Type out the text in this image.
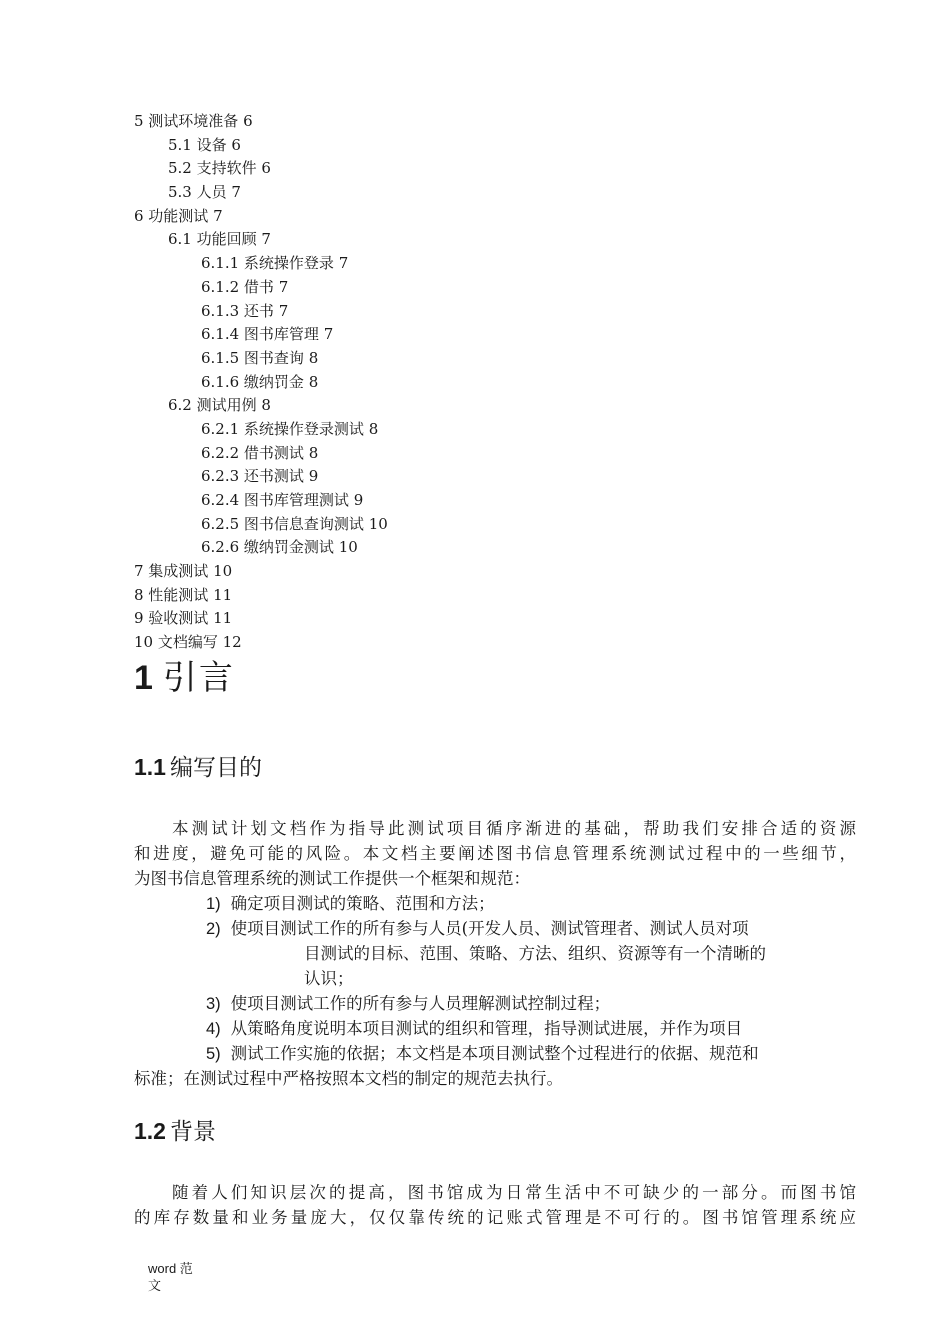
5 测试环境准备 6
5.1 设备 6
5.2 支持软件 6
5.3 人员 7
6 功能测试 7
6.1 功能回顾 7
6.1.1 系统操作登录 7
6.1.2 借书 7
6.1.3 还书 7
6.1.4 图书库管理 7
6.1.5 图书查询 8
6.1.6 缴纳罚金 8
6.2 测试用例 8
6.2.1 系统操作登录测试 8
6.2.2 借书测试 8
6.2.3 还书测试 9
6.2.4 图书库管理测试 9
6.2.5 图书信息查询测试 10
6.2.6 缴纳罚金测试 10
7 集成测试 10
8 性能测试 11
9 验收测试 11
10 文档编写 12
1 引言
1.1 编写目的

本测试计划文档作为指导此测试项目循序渐进的基础，帮助我们安排合适的资源

和进度，避免可能的风险。本文档主要阐述图书信息管理系统测试过程中的一些细节，

为图书信息管理系统的测试工作提供一个框架和规范：

1) 确定项目测试的策略、范围和方法；
2) 使项目测试工作的所有参与人员(开发人员、测试管理者、测试人员对项
目测试的目标、范围、策略、方法、组织、资源等有一个清晰的
认识；
3) 使项目测试工作的所有参与人员理解测试控制过程；
4) 从策略角度说明本项目测试的组织和管理，指导测试进展，并作为项目
5) 测试工作实施的依据；本文档是本项目测试整个过程进行的依据、规范和

标准；在测试过程中严格按照本文档的制定的规范去执行。

1.2 背景

随着人们知识层次的提高，图书馆成为日常生活中不可缺少的一部分。而图书馆

的库存数量和业务量庞大，仅仅靠传统的记账式管理是不可行的。图书馆管理系统应

word 范
文
